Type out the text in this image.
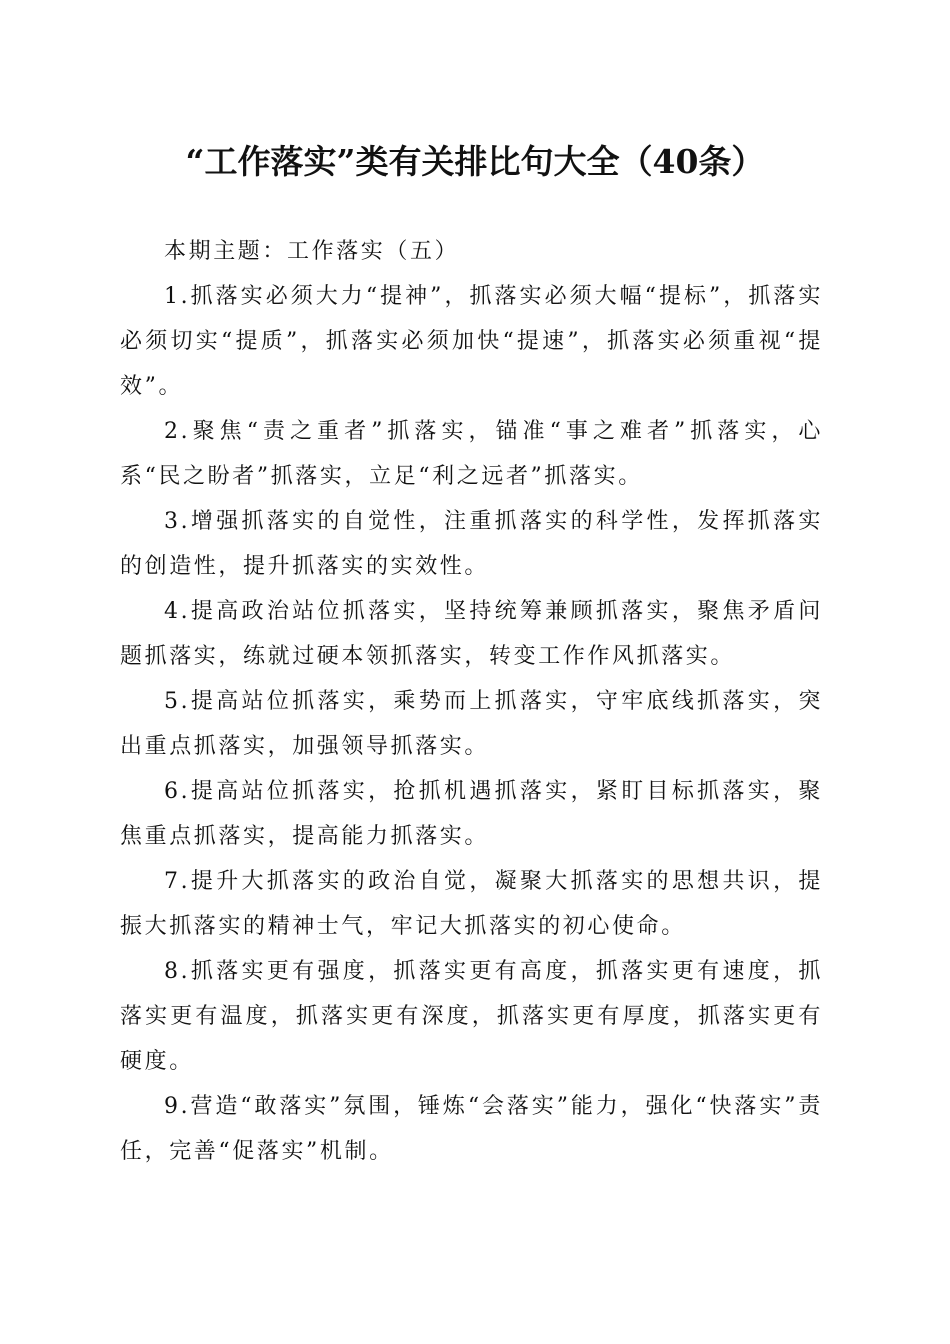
“工作落实”类有关排比句大全（40条）

本期主题：工作落实（五）

1.抓落实必须大力“提神”，抓落实必须大幅“提标”，抓落实必须切实“提质”，抓落实必须加快“提速”，抓落实必须重视“提效”。

2.聚焦“责之重者”抓落实，锚准“事之难者”抓落实，心系“民之盼者”抓落实，立足“利之远者”抓落实。

3.增强抓落实的自觉性，注重抓落实的科学性，发挥抓落实的创造性，提升抓落实的实效性。

4.提高政治站位抓落实，坚持统筹兼顾抓落实，聚焦矛盾问题抓落实，练就过硬本领抓落实，转变工作作风抓落实。

5.提高站位抓落实，乘势而上抓落实，守牢底线抓落实，突出重点抓落实，加强领导抓落实。

6.提高站位抓落实，抢抓机遇抓落实，紧盯目标抓落实，聚焦重点抓落实，提高能力抓落实。

7.提升大抓落实的政治自觉，凝聚大抓落实的思想共识，提振大抓落实的精神士气，牢记大抓落实的初心使命。

8.抓落实更有强度，抓落实更有高度，抓落实更有速度，抓落实更有温度，抓落实更有深度，抓落实更有厚度，抓落实更有硬度。

9.营造“敢落实”氛围，锤炼“会落实”能力，强化“快落实”责任，完善“促落实”机制。
